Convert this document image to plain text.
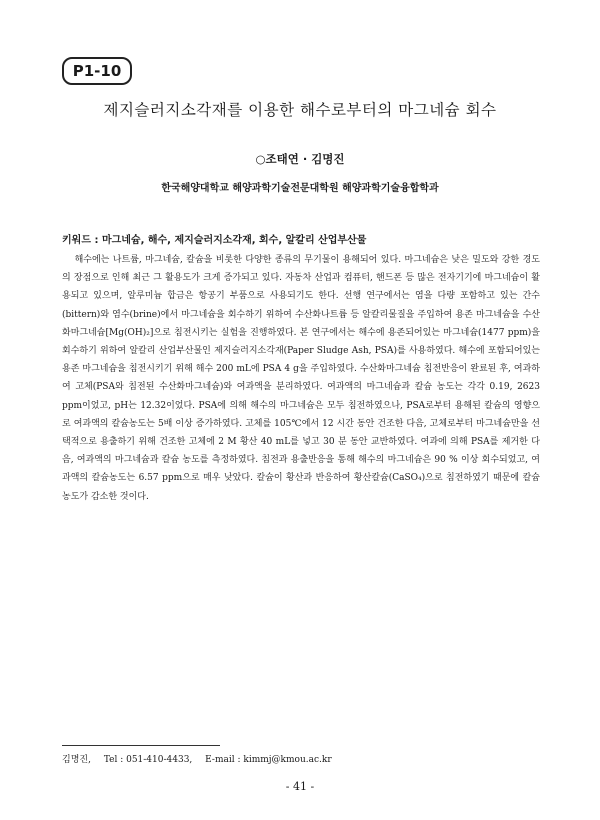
P1-10
제지슬러지소각재를 이용한 해수로부터의 마그네슘 회수
○조태연 · 김명진
한국해양대학교 해양과학기술전문대학원 해양과학기술융합학과
키워드 : 마그네슘, 해수, 제지슬러지소각재, 회수, 알칼리 산업부산물

해수에는 나트륨, 마그네슘, 칼슘을 비롯한 다양한 종류의 무기물이 용해되어 있다. 마그네슘은 낮은 밀도와 강한 경도의 장점으로 인해 최근 그 활용도가 크게 증가되고 있다. 자동차 산업과 컴퓨터, 핸드폰 등 많은 전자기기에 마그네슘이 활용되고 있으며, 알루미늄 합금은 항공기 부품으로 사용되기도 한다. 선행 연구에서는 염을 다량 포함하고 있는 간수(bittern)와 염수(brine)에서 마그네슘을 회수하기 위하여 수산화나트륨 등 알칼리물질을 주입하여 용존 마그네슘을 수산화마그네슘[Mg(OH)₂]으로 침전시키는 실험을 진행하였다. 본 연구에서는 해수에 용존되어있는 마그네슘(1477 ppm)을 회수하기 위하여 알칼리 산업부산물인 제지슬러지소각재(Paper Sludge Ash, PSA)를 사용하였다. 해수에 포함되어있는 용존 마그네슘을 침전시키기 위해 해수 200 mL에 PSA 4 g을 주입하였다. 수산화마그네슘 침전반응이 완료된 후, 여과하여 고체(PSA와 침전된 수산화마그네슘)와 여과액을 분리하였다. 여과액의 마그네슘과 칼슘 농도는 각각 0.19, 2623 ppm이었고, pH는 12.32이었다. PSA에 의해 해수의 마그네슘은 모두 침전하였으나, PSA로부터 용해된 칼슘의 영향으로 여과액의 칼슘농도는 5배 이상 증가하였다. 고체를 105℃에서 12 시간 동안 건조한 다음, 고체로부터 마그네슘만을 선택적으로 용출하기 위해 건조한 고체에 2 M 황산 40 mL를 넣고 30 분 동안 교반하였다. 여과에 의해 PSA를 제거한 다음, 여과액의 마그네슘과 칼슘 농도를 측정하였다. 침전과 용출반응을 통해 해수의 마그네슘은 90 % 이상 회수되었고, 여과액의 칼슘농도는 6.57 ppm으로 매우 낮았다. 칼슘이 황산과 반응하여 황산칼슘(CaSO₄)으로 침전하였기 때문에 칼슘농도가 감소한 것이다.

김명진, Tel : 051-410-4433, E-mail : kimmj@kmou.ac.kr
- 41 -
